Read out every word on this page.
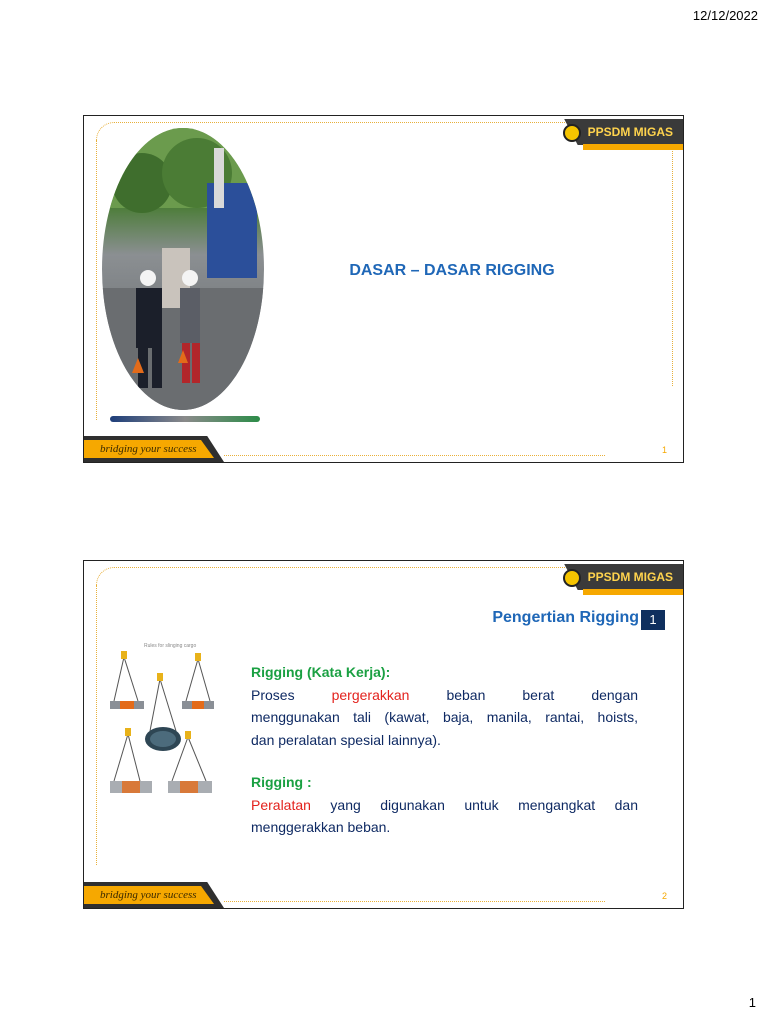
12/12/2022
PPSDM MIGAS
DASAR – DASAR RIGGING
bridging your success	1
PPSDM MIGAS
Pengertian Rigging 1
Rules for slinging cargo
Rigging (Kata Kerja):
Proses	pergerakkan	beban	berat	dengan
menggunakan tali (kawat, baja, manila, rantai, hoists,
dan peralatan spesial lainnya).
Rigging :
Peralatan yang digunakan untuk mengangkat dan
menggerakkan beban.
bridging your success	2
1
